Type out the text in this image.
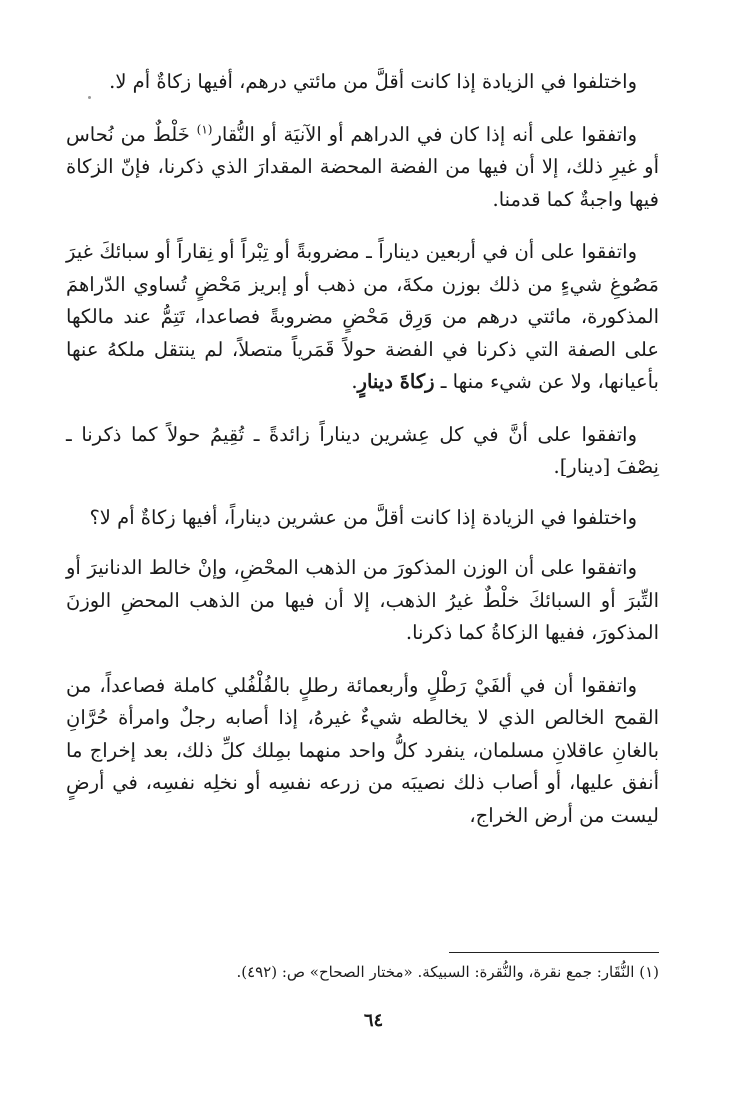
واختلفوا في الزيادة إذا كانت أقلَّ من مائتي درهم، أفيها زكاةٌ أم لا.

واتفقوا على أنه إذا كان في الدراهم أو الآنيَة أو النُّقار$^{(١)}$ خَلْطٌ من نُحاس أو غيرِ ذلك، إلا أن فيها من الفضة المحضة المقدارَ الذي ذكرنا، فإنّ الزكاة فيها واجبةٌ كما قدمنا.

واتفقوا على أن في أربعين ديناراً ـ مضروبةً أو تِبْراً أو نِقاراً أو سبائكَ غيرَ مَصُوغِ شيءٍ من ذلك بوزن مكةَ، من ذهب أو إبريز مَحْضٍ تُساوي الدّراهمَ المذكورة، مائتي درهم من وَرِق مَحْضٍ مضروبةً فصاعدا، تَتِمُّ عند مالكها على الصفة التي ذكرنا في الفضة حولاً قَمَرياً متصلاً، لم ينتقل ملكهُ عنها بأعيانها، ولا عن شيء منها ـ زكاةَ دينارٍ.

واتفقوا على أنَّ في كل عِشرين ديناراً زائدةً ـ تُقِيمُ حولاً كما ذكرنا ـ نِصْفَ [دينار].

واختلفوا في الزيادة إذا كانت أقلَّ من عشرين ديناراً، أفيها زكاةٌ أم لا؟

واتفقوا على أن الوزن المذكورَ من الذهب المحْضِ، وإنْ خالط الدنانيرَ أو التِّبرَ أو السبائكَ خلْطٌ غيرُ الذهب، إلا أن فيها من الذهب المحضِ الوزنَ المذكورَ، ففيها الزكاةُ كما ذكرنا.

واتفقوا أن في ألفَيْ رَطْلٍ وأربعمائة رطلٍ بالفُلْفُلي كاملة فصاعداً، من القمح الخالص الذي لا يخالطه شيءٌ غيرهُ، إذا أصابه رجلٌ وامرأة حُرَّانِ بالغانِ عاقلانِ مسلمان، ينفرد كلُّ واحد منهما بمِلك كلِّ ذلك، بعد إخراج ما أنفق عليها، أو أصاب ذلك نصيبَه من زرعه نفسِه أو نخلِه نفسِه، في أرضٍ ليست من أرض الخراج،

(١) النُّقَار: جمع نقرة، والنُّقرة: السبيكة. «مختار الصحاح» ص: (٤٩٢).
٦٤
